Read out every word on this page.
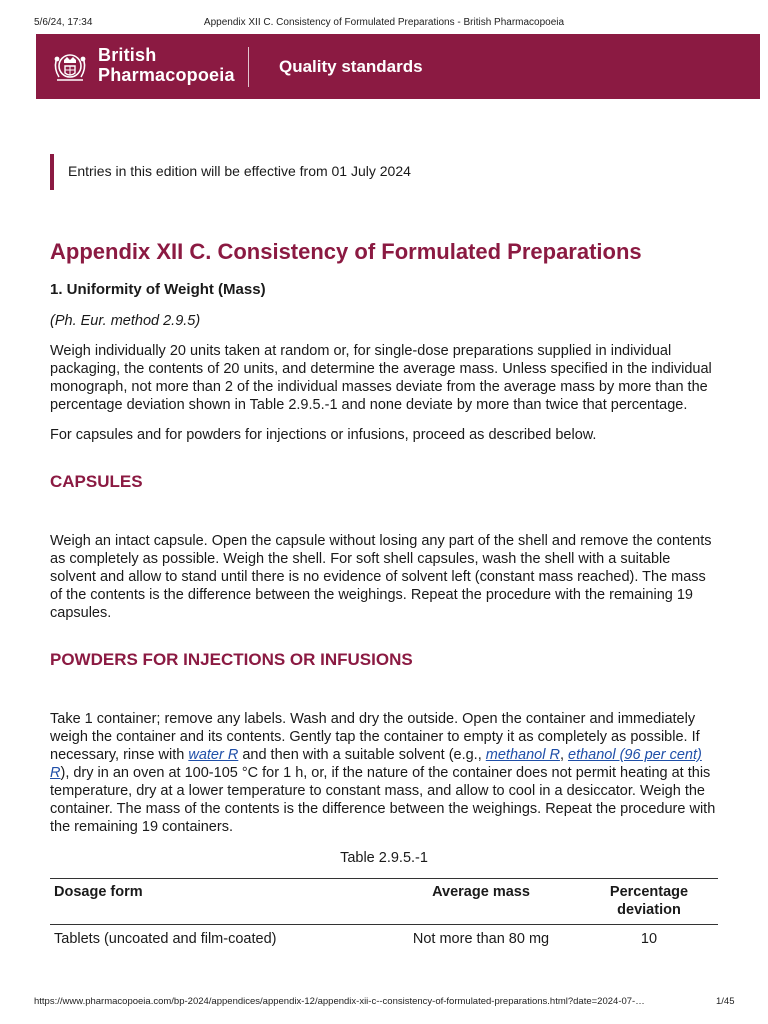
5/6/24, 17:34	Appendix XII C. Consistency of Formulated Preparations - British Pharmacopoeia
British
Pharmacopoeia	Quality standards
Entries in this edition will be effective from 01 July 2024
Appendix XII C. Consistency of Formulated Preparations
1. Uniformity of Weight (Mass)

(Ph. Eur. method 2.9.5)

Weigh individually 20 units taken at random or, for single-dose preparations supplied in individual packaging, the contents of 20 units, and determine the average mass. Unless specified in the individual monograph, not more than 2 of the individual masses deviate from the average mass by more than the percentage deviation shown in Table 2.9.5.-1 and none deviate by more than twice that percentage.

For capsules and for powders for injections or infusions, proceed as described below.

CAPSULES

Weigh an intact capsule. Open the capsule without losing any part of the shell and remove the contents as completely as possible. Weigh the shell. For soft shell capsules, wash the shell with a suitable solvent and allow to stand until there is no evidence of solvent left (constant mass reached). The mass of the contents is the difference between the weighings. Repeat the procedure with the remaining 19 capsules.

POWDERS FOR INJECTIONS OR INFUSIONS

Take 1 container; remove any labels. Wash and dry the outside. Open the container and immediately weigh the container and its contents. Gently tap the container to empty it as completely as possible. If necessary, rinse with water R and then with a suitable solvent (e.g., methanol R, ethanol (96 per cent) R), dry in an oven at 100-105 °C for 1 h, or, if the nature of the container does not permit heating at this temperature, dry at a lower temperature to constant mass, and allow to cool in a desiccator. Weigh the container. The mass of the contents is the difference between the weighings. Repeat the procedure with the remaining 19 containers.

Table 2.9.5.-1
Dosage form	Average mass	Percentage deviation
Tablets (uncoated and film-coated)	Not more than 80 mg	10
https://www.pharmacopoeia.com/bp-2024/appendices/appendix-12/appendix-xii-c--consistency-of-formulated-preparations.html?date=2024-07-…	1/45
